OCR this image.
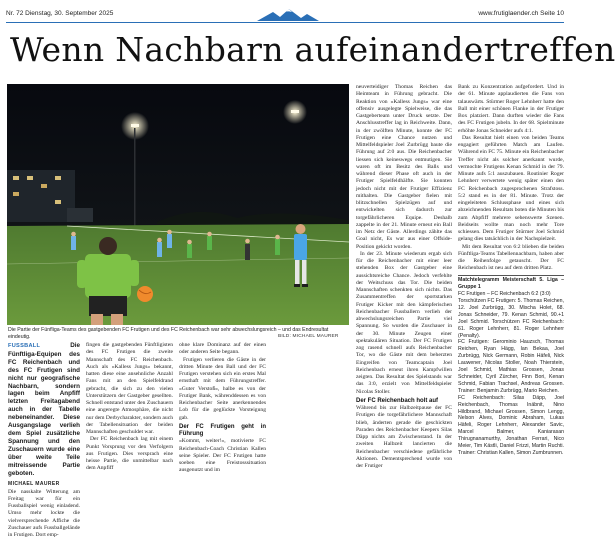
Nr. 72 Dienstag, 30. September 2025	www.frutiglaender.ch Seite 10
Wenn Nachbarn aufeinandertreffen
Die Partie der Fünfliga-Teams des gastgebenden FC Frutigen und des FC Reichenbach war sehr abwechslungsreich – und das Endresultat eindeutig.	BILD: MICHAEL MAURER

FUSSBALL	Die Fünftliga-Equipen des FC Reichenbach und des FC Frutigen sind nicht nur geografische Nachbarn, sondern lagen beim Anpfiff letzten Freitagabend auch in der Tabelle nebeneinander. Diese Ausgangslage verlieh dem Spiel zusätzliche Spannung und den Zuschauern wurde eine über weite Teile mitreissende Partie geboten.

MICHAEL MAURER

Die nasskalte Witterung am Freitag war für ein Fussballspiel wenig einladend. Umso mehr lockte die vielversprechende Affiche die Zuschauer aufs Fussballgelände in Frutigen. Dort emp-

fingen die gastgebenden Fünftligisten des FC Frutigen die zweite Mannschaft des FC Reichenbach. Auch als «Kalless Jungs» bekannt, hatten diese eine ansehnliche Anzahl Fans mit an den Spielfeldrand gebracht, die sich zu den vielen Unterstützern der Gastgeber gesellten. Schnell entstand unter den Zuschauern eine angeregte Atmosphäre, die nicht nur dem Derbycharakter, sondern auch der Tabellensituation der beiden Mannschaften geschuldet war.

Der FC Reichenbach lag mit einem Punkt Vorsprung vor den Verfolgern aus Frutigen. Dies versprach eine heisse Partie, die unmittelbar nach dem Anpfiff

ohne klare Dominanz auf der einen oder anderen Seite begann.

Frutigen verlieren die Gäste in der dritten Minute den Ball und der FC Frutigen verstehen sich ein erstes Mal ernsthaft mit dem Führungstreffer. «Guter Verstoß», halbe es von der Frutiger Bank, währenddessen es von Reichenbacher Seite anerkennendes Lob für die geglückte Vorsteigung gab.

Der FC Frutigen geht in Führung

«Kommt, weiter!», motivierte FC Reichenbach-Coach Christian Kallen seine Spieler. Der FC Frutigen hatte soeben eine Freistosssituation ausgenutzt und im

neuverteidiger Thomas Reichen das Heimteam in Führung gebracht. Die Reaktion von «Kalless Jungs» war eine offensiv ausgelegte Spielweise, die das Gastgeberteam unter Druck setzte. Der Anschlusstreffer lag in Reichweite. Dann, in der zwölften Minute, konnte der FC Frutigen eine Chance nutzen und Mittelfeldspieler Joel Zurbrügg baute die Führung auf 2:0 aus. Die Reichenbacher liessen sich keineswegs entmutigen. Sie waren oft im Besitz des Balls und während dieser Phase oft auch in der Frutiger Spielfeldhälfte. Sie konnten jedoch nicht mit der Frutiger Effizienz mithalten. Die Gastgeber fielen mit blitzschnellen Spielzügen auf und entwickelten sich dadurch zur torgefährlicheren Equipe. Deshalb zappelte in der 21. Minute erneut ein Ball im Netz der Gäste. Allerdings zählte das Goal nicht, Es war aus einer Offside-Position gekickt worden.

In der 23. Minute wiederum ergab sich für die Reichenbacher mit einer leer stehenden Box der Gastgeber eine aussichtsreiche Chance. Jedoch verfehlte der Weitschuss das Tor. Die beiden Mannschaften schenkten sich nichts. Das Zusammentreffen der sportstarken Frutiger Kicker mit den kämpferischen Reichenbacher Fussballern verlieh der abwechslungsreichen Partie viel Spannung. So wurden die Zuschauer in der 30. Minute Zeugen einer spektakulären Situation. Der FC Frutigen zog rasend schnell aufs Reichenbacher Tor, wo die Gäste mit dem beherzten Eingreifen von Teamcaptain Joel Reichenbach erneut ihren Kampfwillen zeigten. Das Resultat des Spielstands war das 3:0, erzielt von Mittelfeldspieler Nicolas Stoller.

Der FC Reichenbach holt auf

Während bis zur Halbzeitpause der FC Frutigen die torgefährlichere Mannschaft blieb, änderten gerade die geschickten Paraden des Reichenbacher Keepers Silas Däpp nichts am Zwischenstand. In der zweiten Halbzeit lancierten die Reichenbacher verschiedene gefährliche Aktionen. Dementsprechend wurde von der Frutiger

Bank zu Konzentration aufgefordert. Und in der 61. Minute applaudierten die Fans von talauswärts. Stürmer Roger Lehnherr hatte den Ball mit einer schönen Flanke in der Frutiger Box platziert. Dann durften wieder die Fans des FC Frutigen jubeln. In der 68. Spielminute erhöhte Jonas Schneider aufs 4:1.

Das Resultat hielt einen von beiden Teams engagiert geführten Match am Laufen. Während ein FC 75. Minute ein Reichenbacher Treffer nicht als solcher anerkannt wurde, vermochte Frutigens Kenan Schmid in der 79. Minute aufs 5:1 auszubauen. Routinier Roger Lehnherr verwertete wenig später einen den FC Reichenbach zugesprochenen Strafstoss. 5:2 stand es in der 81. Minute. Trotz der eingeleiteten Schlussphase und eines sich abzeichnenden Resultats boten die Minuten bis zum Abpfiff mehrere sehenswerte Szenen. Beidseits wollte man noch mehr Tore schiessen. Dem Frutiger Stürmer Joel Schmid gelang dies tatsächlich in der Nachspielzeit.

Mit dem Resultat von 6:2 blieben die beiden Fünftliga-Teams Tabellennachbarn, haben aber die Reihenfolge getauscht. Der FC Reichenbach ist neu auf dem dritten Platz.

Matchtelegramm Meisterschaft 5. Liga – Gruppe 1

FC Frutigen – FC Reichenbach 6:2 (3:0)

Torschützen FC Frutigen: 5. Thomas Reichen, 12. Joel Zurbrügg, 30. Mischa Holet, 68. Jonas Schneider, 79. Kenan Schmid, 90.+1 Joel Schmid. Torschützen FC Reichenbach: 61. Roger Lehnherr, 81. Roger Lehnherr (Penalty).

FC Frutigen: Gerominio Hauzsch, Thomas Reichen, Ryan Hägg, Ian Bekaa, Joel Zurbrügg, Nick Germann, Robin Häfeli, Nick Lauwener, Nicolas Stoller, Noah Thierstein, Joel Schmid, Mathias Grossen, Jonas Schneider, Cyril Zürcher, Finn Bori, Kenan Schmid, Fabian Trachsel, Andreas Grossen. Trainer: Benjamin Zurbrügg, Mario Reichen.

FC Reichenbach: Silas Däpp, Joel Reichenbach, Thomas Inäbnit, Nino Hildbrand, Michael Grossen, Simon Lengg, Nelson Alves, Dominic Abraham, Lukas Häfeli, Roger Lehnherr, Alexander Savic, Marcel Balmer, Kaniarasan Thirugnanamurthy, Jonathan Ferrari, Nico Meier, Tim Kästli, Daniel Frizzi, Martin Ruchti. Trainer: Christian Kallen, Simon Zumbrunnen.
